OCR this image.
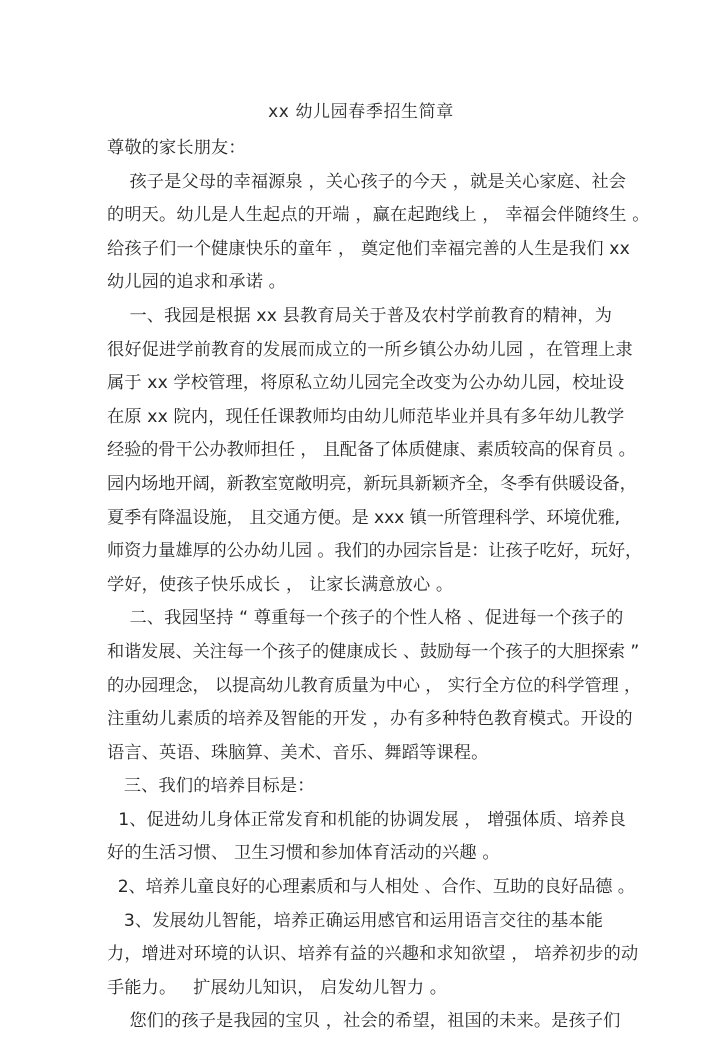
xx 幼儿园春季招生简章
尊敬的家长朋友：
孩子是父母的幸福源泉 ，关心孩子的今天 ，就是关心家庭、社会
的明天。幼儿是人生起点的开端 ，赢在起跑线上 ， 幸福会伴随终生 。
给孩子们一个健康快乐的童年 ， 奠定他们幸福完善的人生是我们 xx
幼儿园的追求和承诺 。
一、我园是根据 xx 县教育局关于普及农村学前教育的精神，为
很好促进学前教育的发展而成立的一所乡镇公办幼儿园 ，在管理上隶
属于 xx 学校管理，将原私立幼儿园完全改变为公办幼儿园，校址设
在原 xx 院内，现任任课教师均由幼儿师范毕业并具有多年幼儿教学
经验的骨干公办教师担任 ， 且配备了体质健康、素质较高的保育员 。
园内场地开阔，新教室宽敞明亮，新玩具新颖齐全，冬季有供暖设备，
夏季有降温设施， 且交通方便。是 xxx 镇一所管理科学、环境优雅,
师资力量雄厚的公办幼儿园 。我们的办园宗旨是：让孩子吃好，玩好，
学好，使孩子快乐成长 ， 让家长满意放心 。
二、我园坚持 “ 尊重每一个孩子的个性人格 、促进每一个孩子的
和谐发展、关注每一个孩子的健康成长 、鼓励每一个孩子的大胆探索 ”
的办园理念， 以提高幼儿教育质量为中心 ， 实行全方位的科学管理 ，
注重幼儿素质的培养及智能的开发 ，办有多种特色教育模式。开设的
语言、英语、珠脑算、美术、音乐、舞蹈等课程。
三、我们的培养目标是：
1、促进幼儿身体正常发育和机能的协调发展 ， 增强体质、培养良
好的生活习惯、 卫生习惯和参加体育活动的兴趣 。
2、培养儿童良好的心理素质和与人相处 、合作、互助的良好品德 。
3、发展幼儿智能，培养正确运用感官和运用语言交往的基本能
力，增进对环境的认识、培养有益的兴趣和求知欲望 ， 培养初步的动
手能力。   扩展幼儿知识， 启发幼儿智力 。
您们的孩子是我园的宝贝 ，社会的希望，祖国的未来。是孩子们
